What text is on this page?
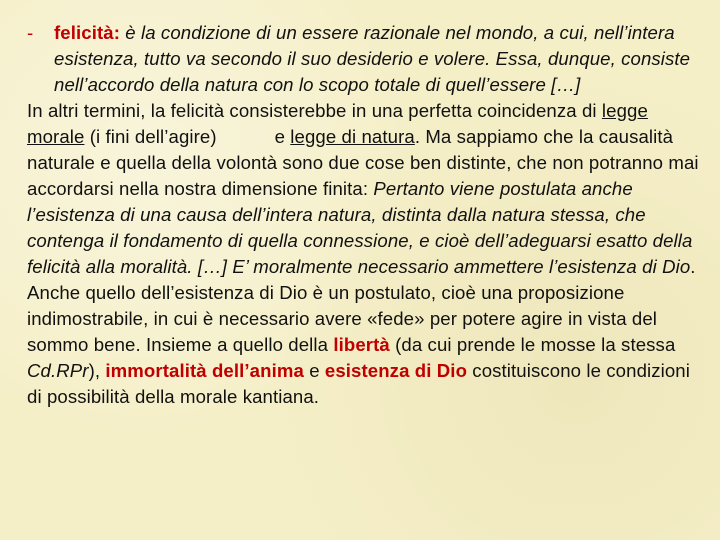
- felicità: è la condizione di un essere razionale nel mondo, a cui, nell’intera esistenza, tutto va secondo il suo desiderio e volere. Essa, dunque, consiste nell’accordo della natura con lo scopo totale di quell’essere […]

In altri termini, la felicità consisterebbe in una perfetta coincidenza di legge morale (i fini dell’agire)           e legge di natura. Ma sappiamo che la causalità naturale e quella della volontà sono due cose ben distinte, che non potranno mai accordarsi nella nostra dimensione finita: Pertanto viene postulata anche l’esistenza di una causa dell’intera natura, distinta dalla natura stessa, che contenga il fondamento di quella connessione, e cioè dell’adeguarsi esatto della felicità alla moralità. […] E’ moralmente necessario ammettere l’esistenza di Dio.

Anche quello dell’esistenza di Dio è un postulato, cioè una proposizione indimostrabile, in cui è necessario avere «fede» per potere agire in vista del sommo bene. Insieme a quello della libertà (da cui prende le mosse la stessa Cd.RPr), immortalità dell’anima e esistenza di Dio costituiscono le condizioni di possibilità della morale kantiana.
